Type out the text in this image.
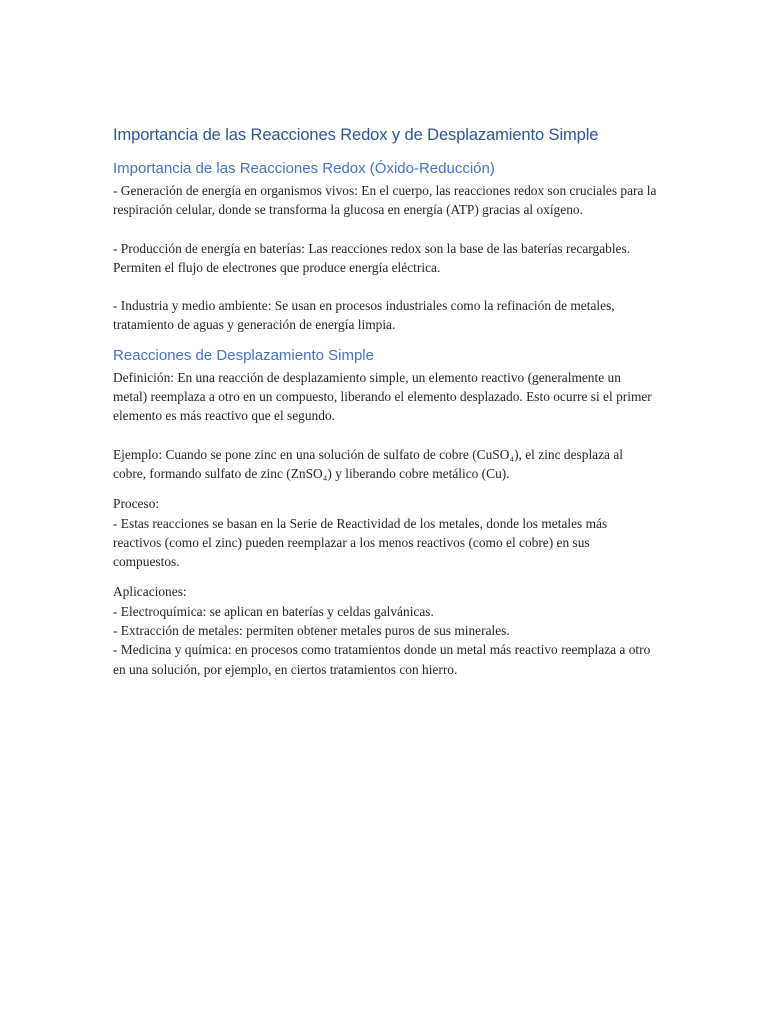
Importancia de las Reacciones Redox y de Desplazamiento Simple
Importancia de las Reacciones Redox (Óxido-Reducción)

- Generación de energía en organismos vivos: En el cuerpo, las reacciones redox son cruciales para la respiración celular, donde se transforma la glucosa en energía (ATP) gracias al oxígeno.

- Producción de energía en baterías: Las reacciones redox son la base de las baterías recargables. Permiten el flujo de electrones que produce energía eléctrica.

- Industria y medio ambiente: Se usan en procesos industriales como la refinación de metales, tratamiento de aguas y generación de energía limpia.

Reacciones de Desplazamiento Simple

Definición: En una reacción de desplazamiento simple, un elemento reactivo (generalmente un metal) reemplaza a otro en un compuesto, liberando el elemento desplazado. Esto ocurre si el primer elemento es más reactivo que el segundo.

Ejemplo: Cuando se pone zinc en una solución de sulfato de cobre (CuSO₄), el zinc desplaza al cobre, formando sulfato de zinc (ZnSO₄) y liberando cobre metálico (Cu).

Proceso:

- Estas reacciones se basan en la Serie de Reactividad de los metales, donde los metales más reactivos (como el zinc) pueden reemplazar a los menos reactivos (como el cobre) en sus compuestos.

Aplicaciones:

- Electroquímica: se aplican en baterías y celdas galvánicas.

- Extracción de metales: permiten obtener metales puros de sus minerales.

- Medicina y química: en procesos como tratamientos donde un metal más reactivo reemplaza a otro en una solución, por ejemplo, en ciertos tratamientos con hierro.
